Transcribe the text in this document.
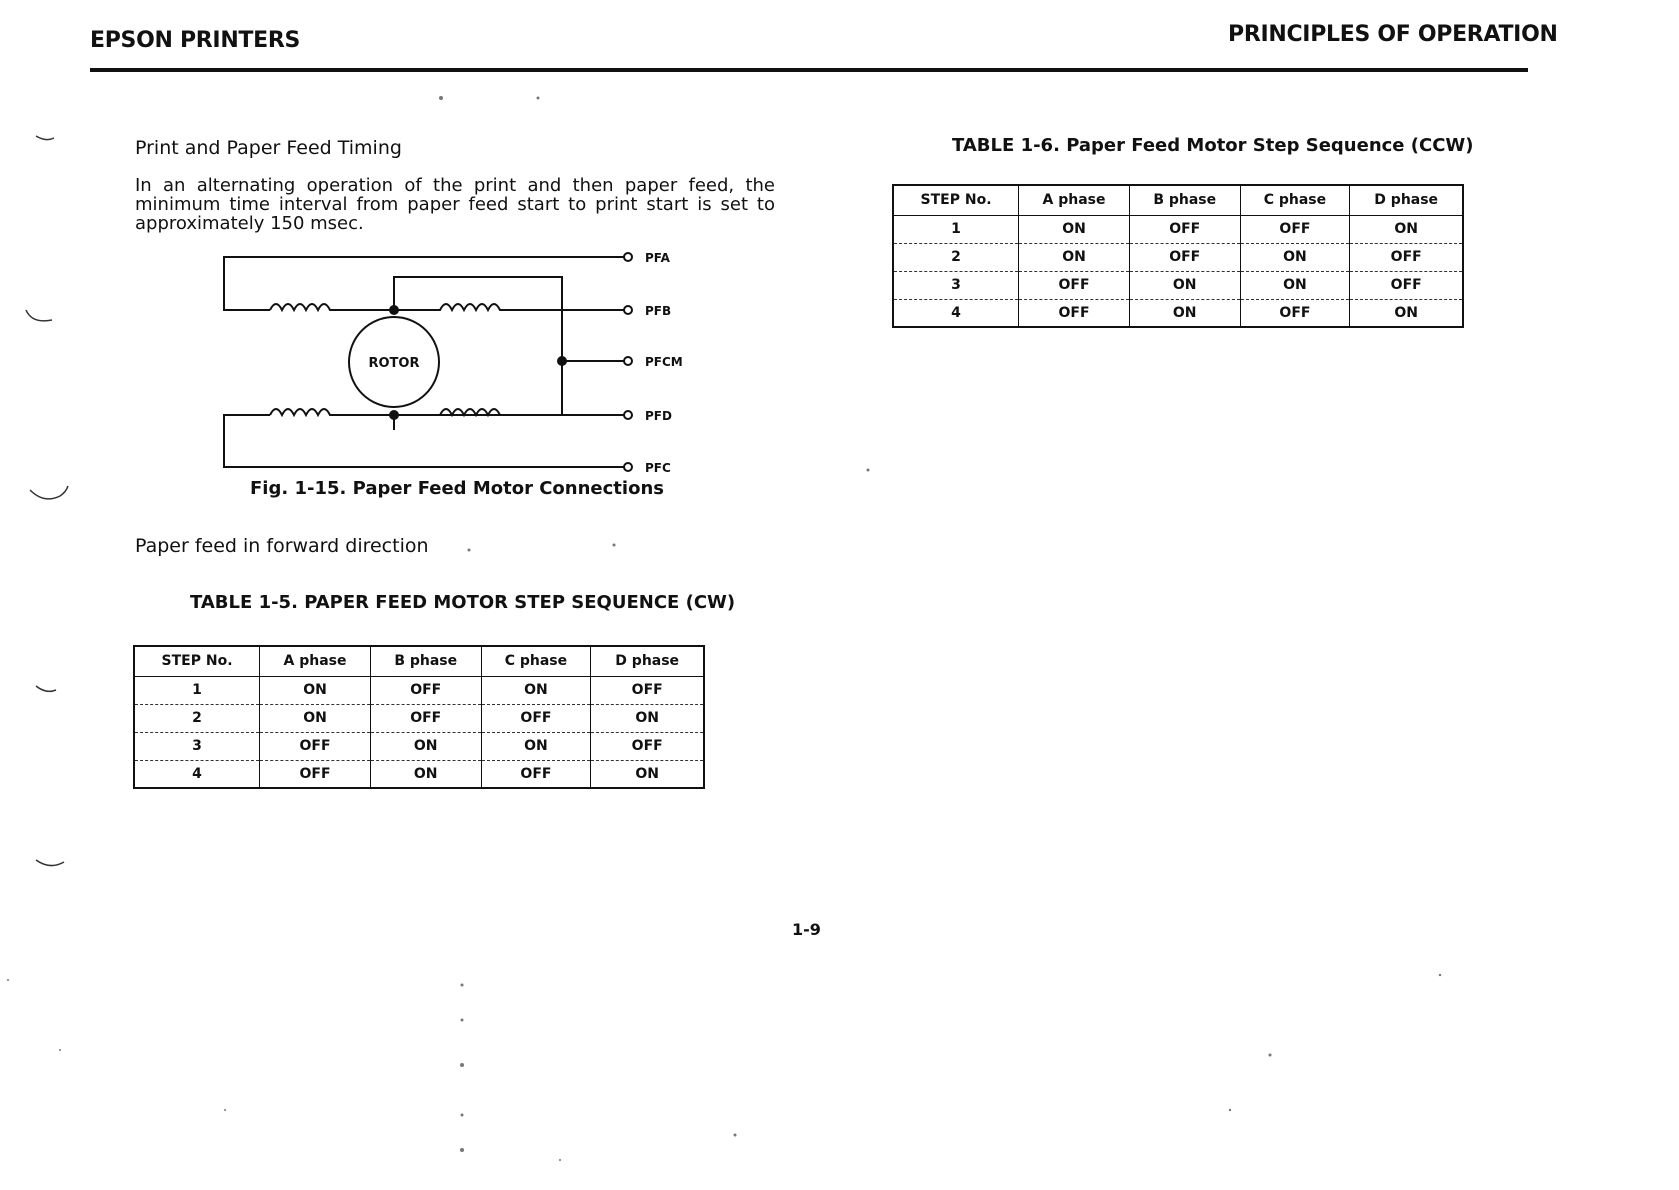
EPSON PRINTERS	PRINCIPLES OF OPERATION
Print and Paper Feed Timing
In an alternating operation of the print and then paper feed, the minimum time interval from paper feed start to print start is set to approximately 150 msec.
ROTOR
PFA
PFB
PFCM
PFD
PFC
Fig. 1-15. Paper Feed Motor Connections
Paper feed in forward direction
TABLE 1-5. PAPER FEED MOTOR STEP SEQUENCE (CW)
STEP No.	A phase	B phase	C phase	D phase
1	ON	OFF	ON	OFF
2	ON	OFF	OFF	ON
3	OFF	ON	ON	OFF
4	OFF	ON	OFF	ON
TABLE 1-6. Paper Feed Motor Step Sequence (CCW)
STEP No.	A phase	B phase	C phase	D phase
1	ON	OFF	OFF	ON
2	ON	OFF	ON	OFF
3	OFF	ON	ON	OFF
4	OFF	ON	OFF	ON
1-9
